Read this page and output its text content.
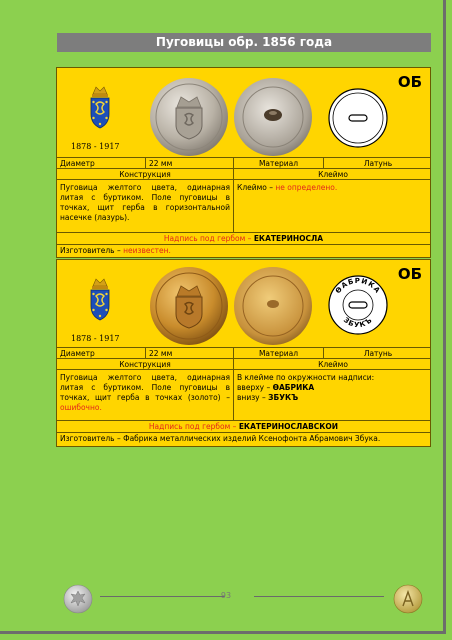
Пуговицы обр. 1856 года
ОБ
1878 - 1917
Диаметр	22 мм	Материал	Латунь
Конструкция	Клеймо
Пуговица желтого цвета, одинарная литая с буртиком. Поле пуговицы в точках, щит герба в горизонтальной насечке (лазурь).
Клеймо – не определено.
Надпись под гербом – ЕКАТЕРИНОСЛА
Изготовитель – неизвестен.
ОБ
1878 - 1917
ѲАБРИКА
ЗБУКЪ
Диаметр	22 мм	Материал	Латунь
Конструкция	Клеймо
Пуговица желтого цвета, одинарная литая с буртиком. Поле пуговицы в точках, щит герба в точках (золото) – ошибочно.
В клейме по окружности надписи:
вверху – ѲАБРИКА
внизу – ЗБУКЪ
Надпись под гербом – ЕКАТЕРИНОСЛАВСКОИ
Изготовитель – Фабрика металлических изделий Ксенофонта Абрамович Збука.
93
